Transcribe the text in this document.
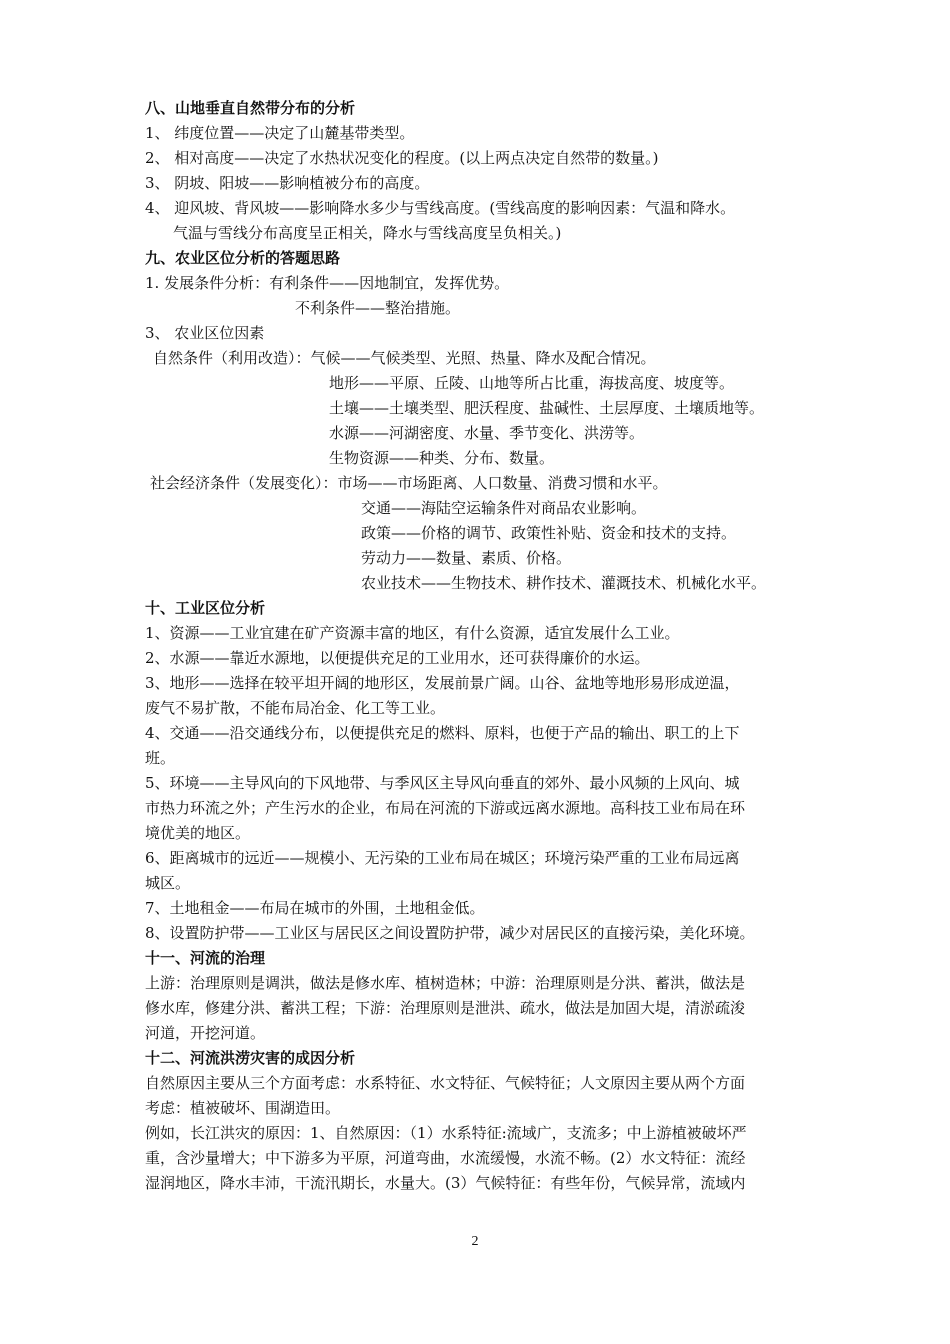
八、山地垂直自然带分布的分析
1、 纬度位置——决定了山麓基带类型。
2、 相对高度——决定了水热状况变化的程度。(以上两点决定自然带的数量。)
3、 阴坡、阳坡——影响植被分布的高度。
4、 迎风坡、背风坡——影响降水多少与雪线高度。(雪线高度的影响因素：气温和降水。
气温与雪线分布高度呈正相关，降水与雪线高度呈负相关。)
九、农业区位分析的答题思路
1. 发展条件分析：有利条件——因地制宜，发挥优势。
不利条件——整治措施。
3、 农业区位因素
自然条件（利用改造）：气候——气候类型、光照、热量、降水及配合情况。
地形——平原、丘陵、山地等所占比重，海拔高度、坡度等。
土壤——土壤类型、肥沃程度、盐碱性、土层厚度、土壤质地等。
水源——河湖密度、水量、季节变化、洪涝等。
生物资源——种类、分布、数量。
社会经济条件（发展变化）：市场——市场距离、人口数量、消费习惯和水平。
交通——海陆空运输条件对商品农业影响。
政策——价格的调节、政策性补贴、资金和技术的支持。
劳动力——数量、素质、价格。
农业技术——生物技术、耕作技术、灌溉技术、机械化水平。
十、工业区位分析
1、资源——工业宜建在矿产资源丰富的地区，有什么资源，适宜发展什么工业。
2、水源——靠近水源地，以便提供充足的工业用水，还可获得廉价的水运。
3、地形——选择在较平坦开阔的地形区，发展前景广阔。山谷、盆地等地形易形成逆温，
废气不易扩散，不能布局冶金、化工等工业。
4、交通——沿交通线分布，以便提供充足的燃料、原料，也便于产品的输出、职工的上下
班。
5、环境——主导风向的下风地带、与季风区主导风向垂直的郊外、最小风频的上风向、城
市热力环流之外；产生污水的企业，布局在河流的下游或远离水源地。高科技工业布局在环
境优美的地区。
6、距离城市的远近——规模小、无污染的工业布局在城区；环境污染严重的工业布局远离
城区。
7、土地租金——布局在城市的外围，土地租金低。
8、设置防护带——工业区与居民区之间设置防护带，减少对居民区的直接污染，美化环境。
十一、河流的治理
上游：治理原则是调洪，做法是修水库、植树造林；中游：治理原则是分洪、蓄洪，做法是
修水库，修建分洪、蓄洪工程；下游：治理原则是泄洪、疏水，做法是加固大堤，清淤疏浚
河道，开挖河道。
十二、河流洪涝灾害的成因分析
自然原因主要从三个方面考虑：水系特征、水文特征、气候特征；人文原因主要从两个方面
考虑：植被破坏、围湖造田。
例如，长江洪灾的原因：1、自然原因：（1）水系特征:流域广，支流多；中上游植被破坏严
重，含沙量增大；中下游多为平原，河道弯曲，水流缓慢，水流不畅。(2）水文特征：流经
湿润地区，降水丰沛，干流汛期长，水量大。(3）气候特征：有些年份，气候异常，流域内
2
